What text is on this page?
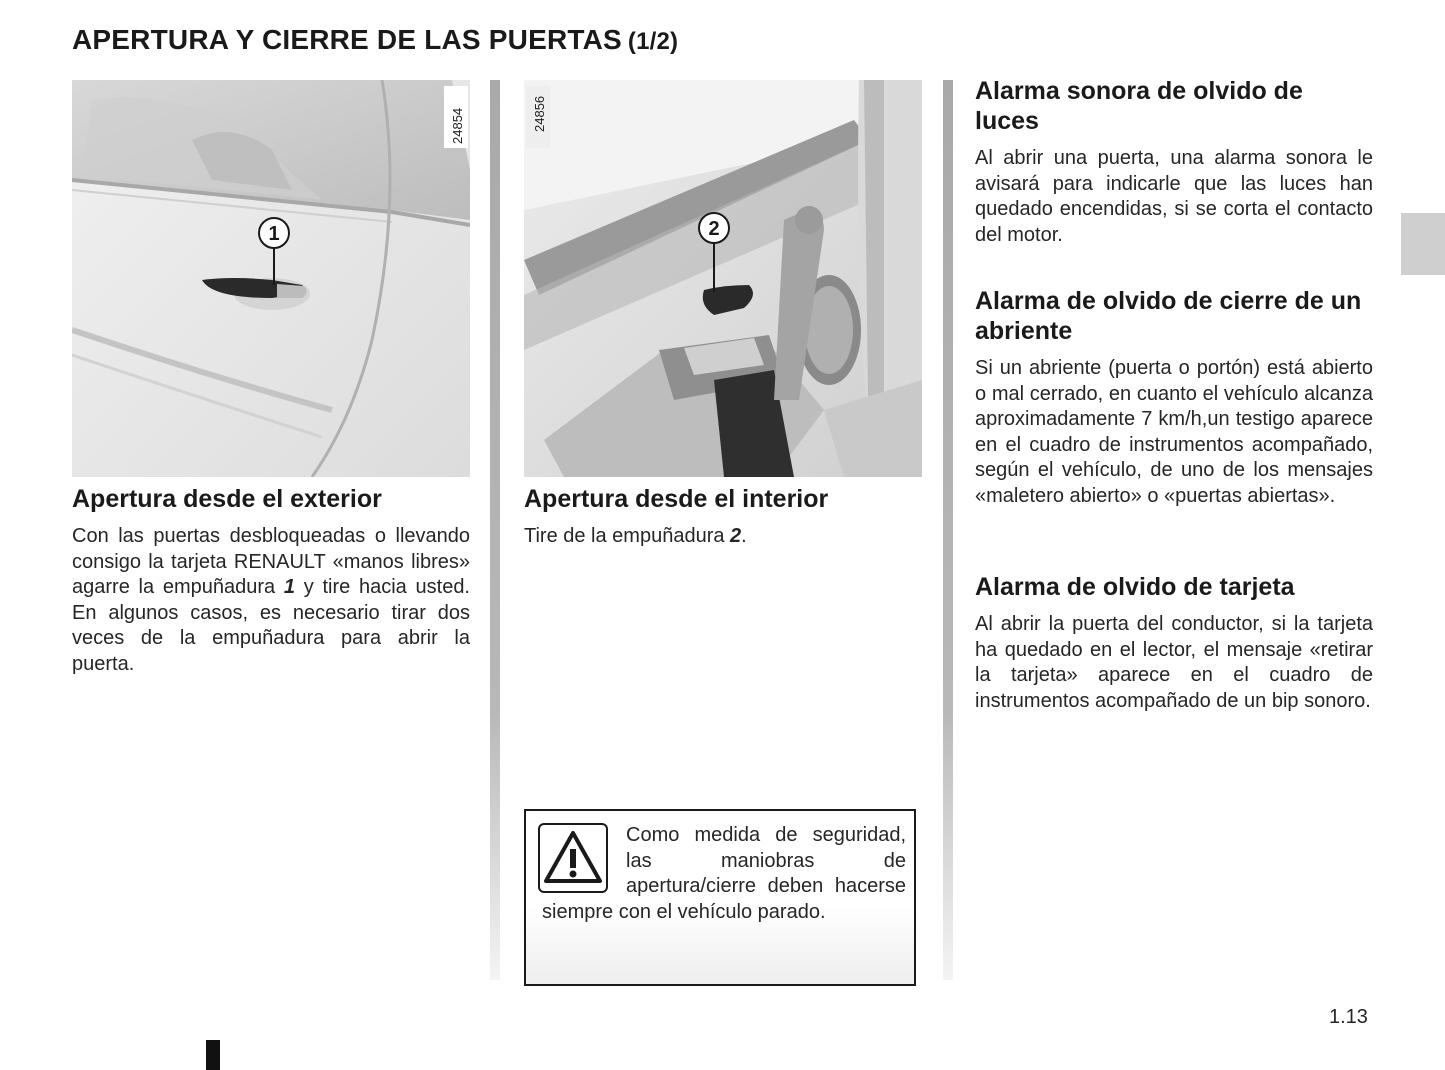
APERTURA Y CIERRE DE LAS PUERTAS (1/2)
1
24854
Apertura desde el exterior

Con las puertas desbloqueadas o llevando consigo la tarjeta RENAULT «manos libres» agarre la empuñadura 1 y tire hacia usted. En algunos casos, es necesario tirar dos veces de la empuñadura para abrir la puerta.

2
24856
Apertura desde el interior

Tire de la empuñadura 2.

Como medida de seguridad, las maniobras de apertura/cierre deben hacerse siempre con el vehículo parado.

Alarma sonora de olvido de luces

Al abrir una puerta, una alarma sonora le avisará para indicarle que las luces han quedado encendidas, si se corta el contacto del motor.

Alarma de olvido de cierre de un abriente

Si un abriente (puerta o portón) está abierto o mal cerrado, en cuanto el vehículo alcanza aproximadamente 7 km/h,un testigo aparece en el cuadro de instrumentos acompañado, según el vehículo, de uno de los mensajes «maletero abierto» o «puertas abiertas».

Alarma de olvido de tarjeta

Al abrir la puerta del conductor, si la tarjeta ha quedado en el lector, el mensaje «retirar la tarjeta» aparece en el cuadro de instrumentos acompañado de un bip sonoro.

1.13
